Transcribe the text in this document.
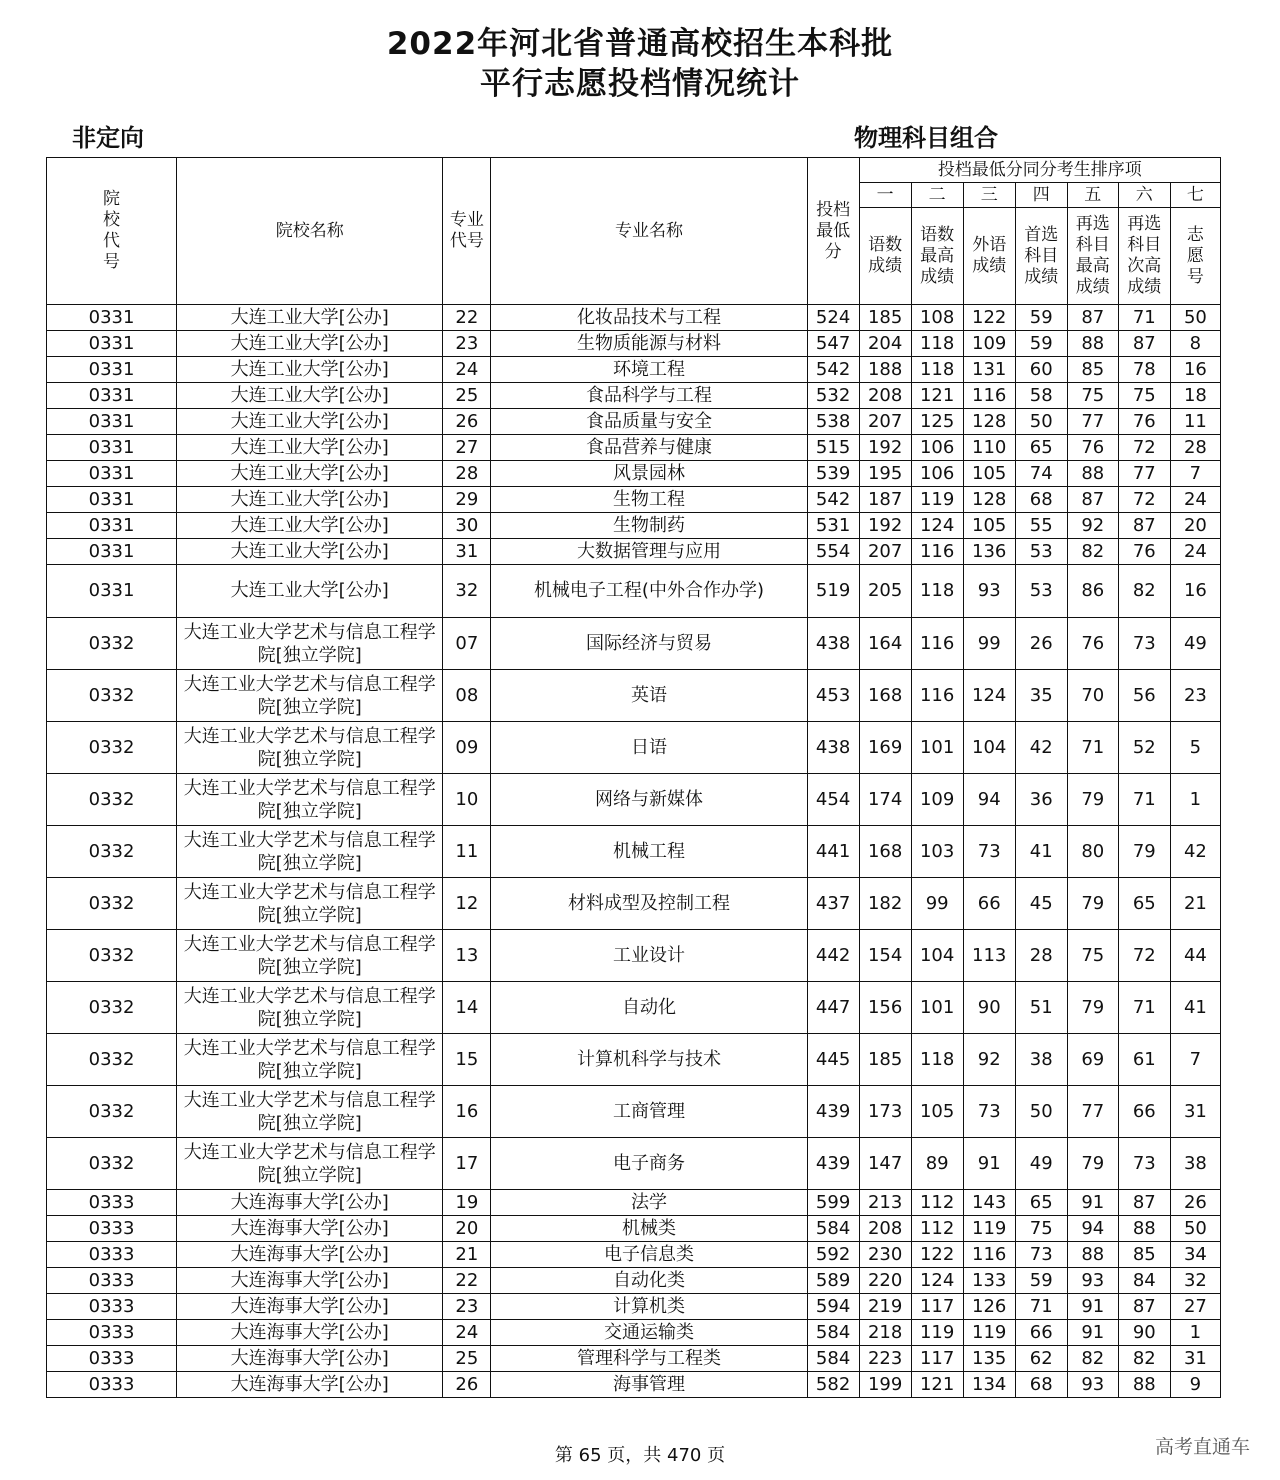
2022年河北省普通高校招生本科批
平行志愿投档情况统计
非定向	物理科目组合
院校代号	院校名称	专业代号	专业名称	投档最低分	投档最低分同分考生排序项						
					一	二	三	四	五	六	七
					语数成绩	语数最高成绩	外语成绩	首选科目成绩	再选科目最高成绩	再选科目次高成绩	志愿号
0331	大连工业大学[公办]	22	化妆品技术与工程	524	185	108	122	59	87	71	50
0331	大连工业大学[公办]	23	生物质能源与材料	547	204	118	109	59	88	87	8
0331	大连工业大学[公办]	24	环境工程	542	188	118	131	60	85	78	16
0331	大连工业大学[公办]	25	食品科学与工程	532	208	121	116	58	75	75	18
0331	大连工业大学[公办]	26	食品质量与安全	538	207	125	128	50	77	76	11
0331	大连工业大学[公办]	27	食品营养与健康	515	192	106	110	65	76	72	28
0331	大连工业大学[公办]	28	风景园林	539	195	106	105	74	88	77	7
0331	大连工业大学[公办]	29	生物工程	542	187	119	128	68	87	72	24
0331	大连工业大学[公办]	30	生物制药	531	192	124	105	55	92	87	20
0331	大连工业大学[公办]	31	大数据管理与应用	554	207	116	136	53	82	76	24
0331	大连工业大学[公办]	32	机械电子工程(中外合作办学)	519	205	118	93	53	86	82	16
0332	大连工业大学艺术与信息工程学院[独立学院]	07	国际经济与贸易	438	164	116	99	26	76	73	49
0332	大连工业大学艺术与信息工程学院[独立学院]	08	英语	453	168	116	124	35	70	56	23
0332	大连工业大学艺术与信息工程学院[独立学院]	09	日语	438	169	101	104	42	71	52	5
0332	大连工业大学艺术与信息工程学院[独立学院]	10	网络与新媒体	454	174	109	94	36	79	71	1
0332	大连工业大学艺术与信息工程学院[独立学院]	11	机械工程	441	168	103	73	41	80	79	42
0332	大连工业大学艺术与信息工程学院[独立学院]	12	材料成型及控制工程	437	182	99	66	45	79	65	21
0332	大连工业大学艺术与信息工程学院[独立学院]	13	工业设计	442	154	104	113	28	75	72	44
0332	大连工业大学艺术与信息工程学院[独立学院]	14	自动化	447	156	101	90	51	79	71	41
0332	大连工业大学艺术与信息工程学院[独立学院]	15	计算机科学与技术	445	185	118	92	38	69	61	7
0332	大连工业大学艺术与信息工程学院[独立学院]	16	工商管理	439	173	105	73	50	77	66	31
0332	大连工业大学艺术与信息工程学院[独立学院]	17	电子商务	439	147	89	91	49	79	73	38
0333	大连海事大学[公办]	19	法学	599	213	112	143	65	91	87	26
0333	大连海事大学[公办]	20	机械类	584	208	112	119	75	94	88	50
0333	大连海事大学[公办]	21	电子信息类	592	230	122	116	73	88	85	34
0333	大连海事大学[公办]	22	自动化类	589	220	124	133	59	93	84	32
0333	大连海事大学[公办]	23	计算机类	594	219	117	126	71	91	87	27
0333	大连海事大学[公办]	24	交通运输类	584	218	119	119	66	91	90	1
0333	大连海事大学[公办]	25	管理科学与工程类	584	223	117	135	62	82	82	31
0333	大连海事大学[公办]	26	海事管理	582	199	121	134	68	93	88	9
第 65 页，共 470 页	高考直通车
